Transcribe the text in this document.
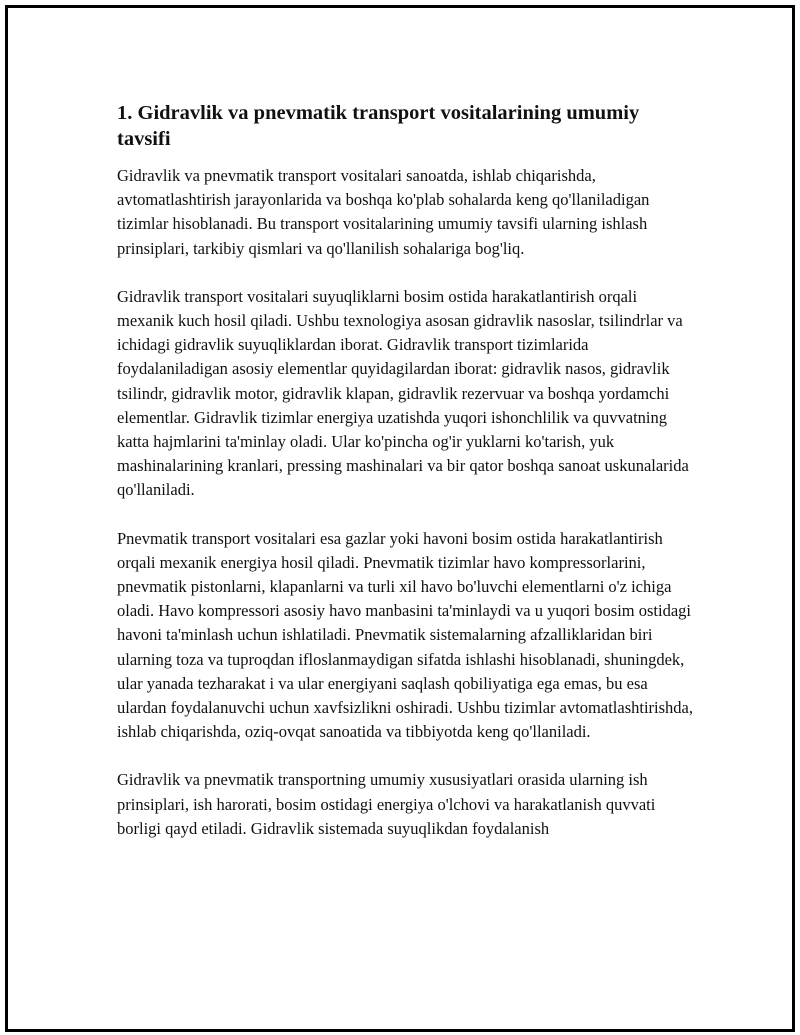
1. Gidravlik va pnevmatik transport vositalarining umumiy tavsifi

Gidravlik va pnevmatik transport vositalari sanoatda, ishlab chiqarishda, avtomatlashtirish jarayonlarida va boshqa ko'plab sohalarda keng qo'llaniladigan tizimlar hisoblanadi. Bu transport vositalarining umumiy tavsifi ularning ishlash prinsiplari, tarkibiy qismlari va qo'llanilish sohalariga bog'liq.

Gidravlik transport vositalari suyuqliklarni bosim ostida harakatlantirish orqali mexanik kuch hosil qiladi. Ushbu texnologiya asosan gidravlik nasoslar, tsilindrlar va ichidagi gidravlik suyuqliklardan iborat. Gidravlik transport tizimlarida foydalaniladigan asosiy elementlar quyidagilardan iborat: gidravlik nasos, gidravlik tsilindr, gidravlik motor, gidravlik klapan, gidravlik rezervuar va boshqa yordamchi elementlar. Gidravlik tizimlar energiya uzatishda yuqori ishonchlilik va quvvatning katta hajmlarini ta'minlay oladi. Ular ko'pincha og'ir yuklarni ko'tarish, yuk mashinalarining kranlari, pressing mashinalari va bir qator boshqa sanoat uskunalarida qo'llaniladi.

Pnevmatik transport vositalari esa gazlar yoki havoni bosim ostida harakatlantirish orqali mexanik energiya hosil qiladi. Pnevmatik tizimlar havo kompressorlarini, pnevmatik pistonlarni, klapanlarni va turli xil havo bo'luvchi elementlarni o'z ichiga oladi. Havo kompressori asosiy havo manbasini ta'minlaydi va u yuqori bosim ostidagi havoni ta'minlash uchun ishlatiladi. Pnevmatik sistemalarning afzalliklaridan biri ularning toza va tuproqdan ifloslanmaydigan sifatda ishlashi hisoblanadi, shuningdek, ular yanada tezharakat i va ular energiyani saqlash qobiliyatiga ega emas, bu esa ulardan foydalanuvchi uchun xavfsizlikni oshiradi. Ushbu tizimlar avtomatlashtirishda, ishlab chiqarishda, oziq-ovqat sanoatida va tibbiyotda keng qo'llaniladi.

Gidravlik va pnevmatik transportning umumiy xususiyatlari orasida ularning ish prinsiplari, ish harorati, bosim ostidagi energiya o'lchovi va harakatlanish quvvati borligi qayd etiladi. Gidravlik sistemada suyuqlikdan foydalanish
